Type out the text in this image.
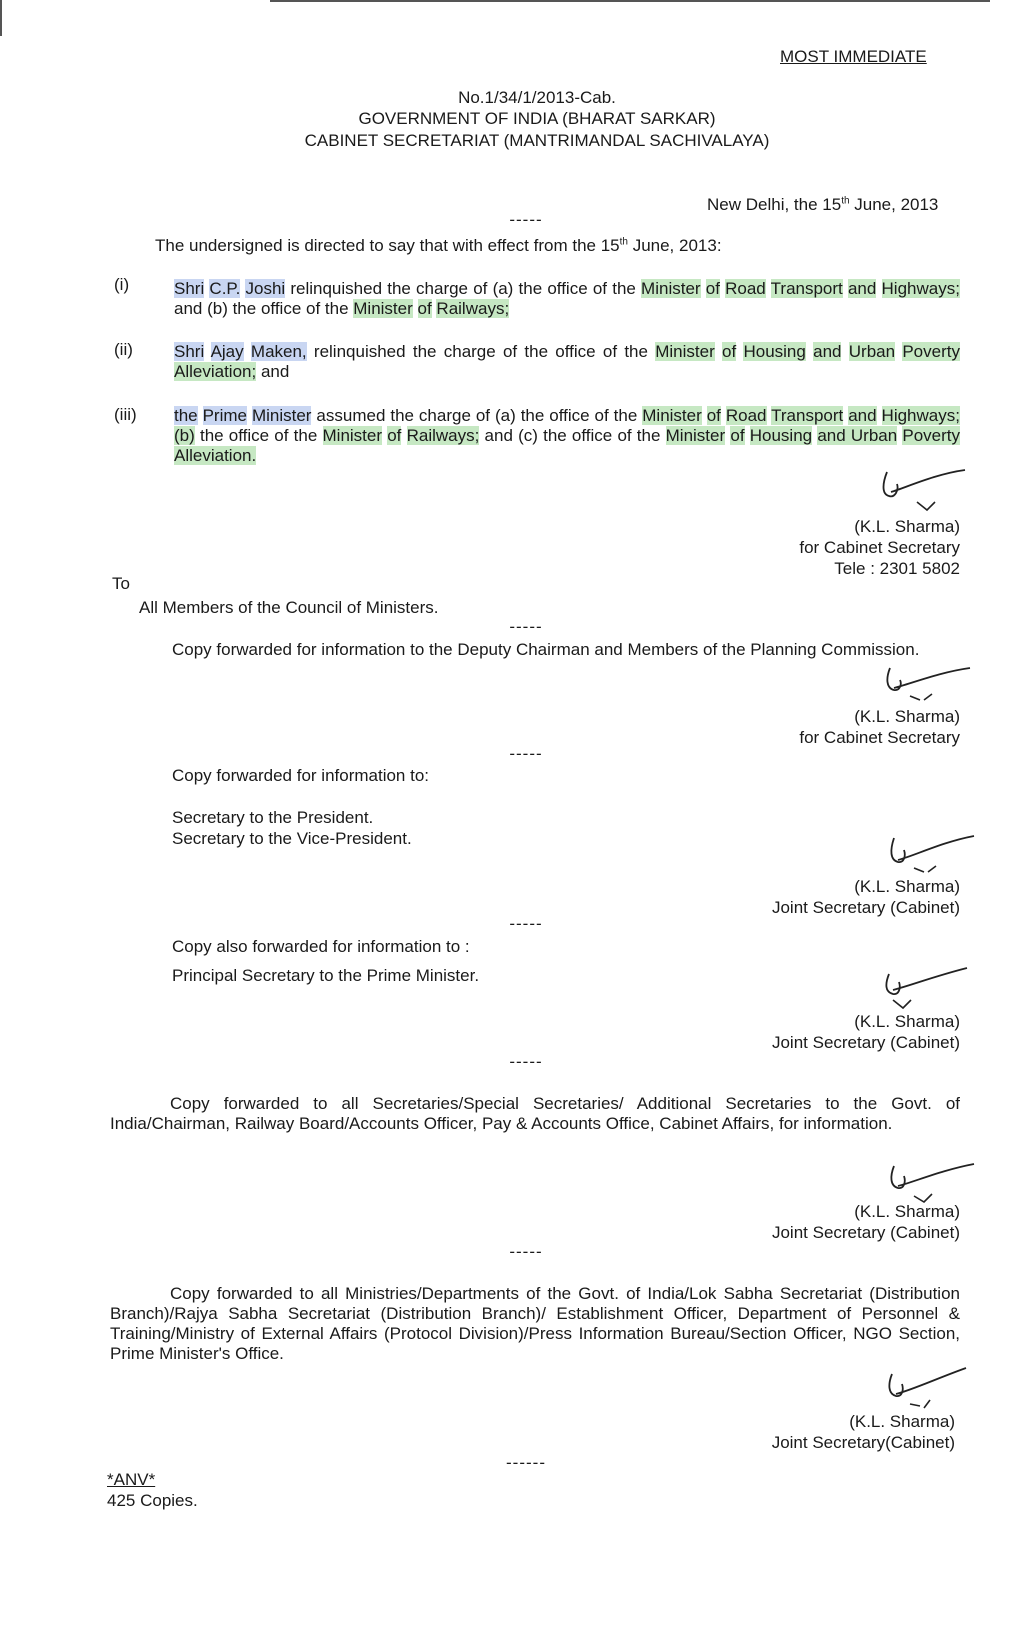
MOST IMMEDIATE
No.1/34/1/2013-Cab.
GOVERNMENT OF INDIA (BHARAT SARKAR)
CABINET SECRETARIAT (MANTRIMANDAL SACHIVALAYA)
New Delhi, the 15th June, 2013
-----
The undersigned is directed to say that with effect from the 15th June, 2013:
(i)	Shri C.P. Joshi relinquished the charge of (a) the office of the Minister of Road Transport and Highways; and (b) the office of the Minister of Railways;
(ii) Shri Ajay Maken, relinquished the charge of the office of the Minister of Housing and Urban Poverty Alleviation; and
(iii) the Prime Minister assumed the charge of (a) the office of the Minister of Road Transport and Highways; (b) the office of the Minister of Railways; and (c) the office of the Minister of Housing and Urban Poverty Alleviation.
(K.L. Sharma)
for Cabinet Secretary
Tele : 2301 5802
To
All Members of the Council of Ministers.
-----

Copy forwarded for information to the Deputy Chairman and Members of the Planning Commission.

(K.L. Sharma)
for Cabinet Secretary
-----
Copy forwarded for information to:
Secretary to the President.
Secretary to the Vice-President.
(K.L. Sharma)
Joint Secretary (Cabinet)
-----
Copy also forwarded for information to :
Principal Secretary to the Prime Minister.
(K.L. Sharma)
Joint Secretary (Cabinet)
-----

Copy forwarded to all Secretaries/Special Secretaries/ Additional Secretaries to the Govt. of India/Chairman, Railway Board/Accounts Officer, Pay & Accounts Office, Cabinet Affairs, for information.

(K.L. Sharma)
Joint Secretary (Cabinet)
-----

Copy forwarded to all Ministries/Departments of the Govt. of India/Lok Sabha Secretariat (Distribution Branch)/Rajya Sabha Secretariat (Distribution Branch)/ Establishment Officer, Department of Personnel & Training/Ministry of External Affairs (Protocol Division)/Press Information Bureau/Section Officer, NGO Section, Prime Minister's Office.

(K.L. Sharma)
Joint Secretary(Cabinet)
------
*ANV*
425 Copies.
